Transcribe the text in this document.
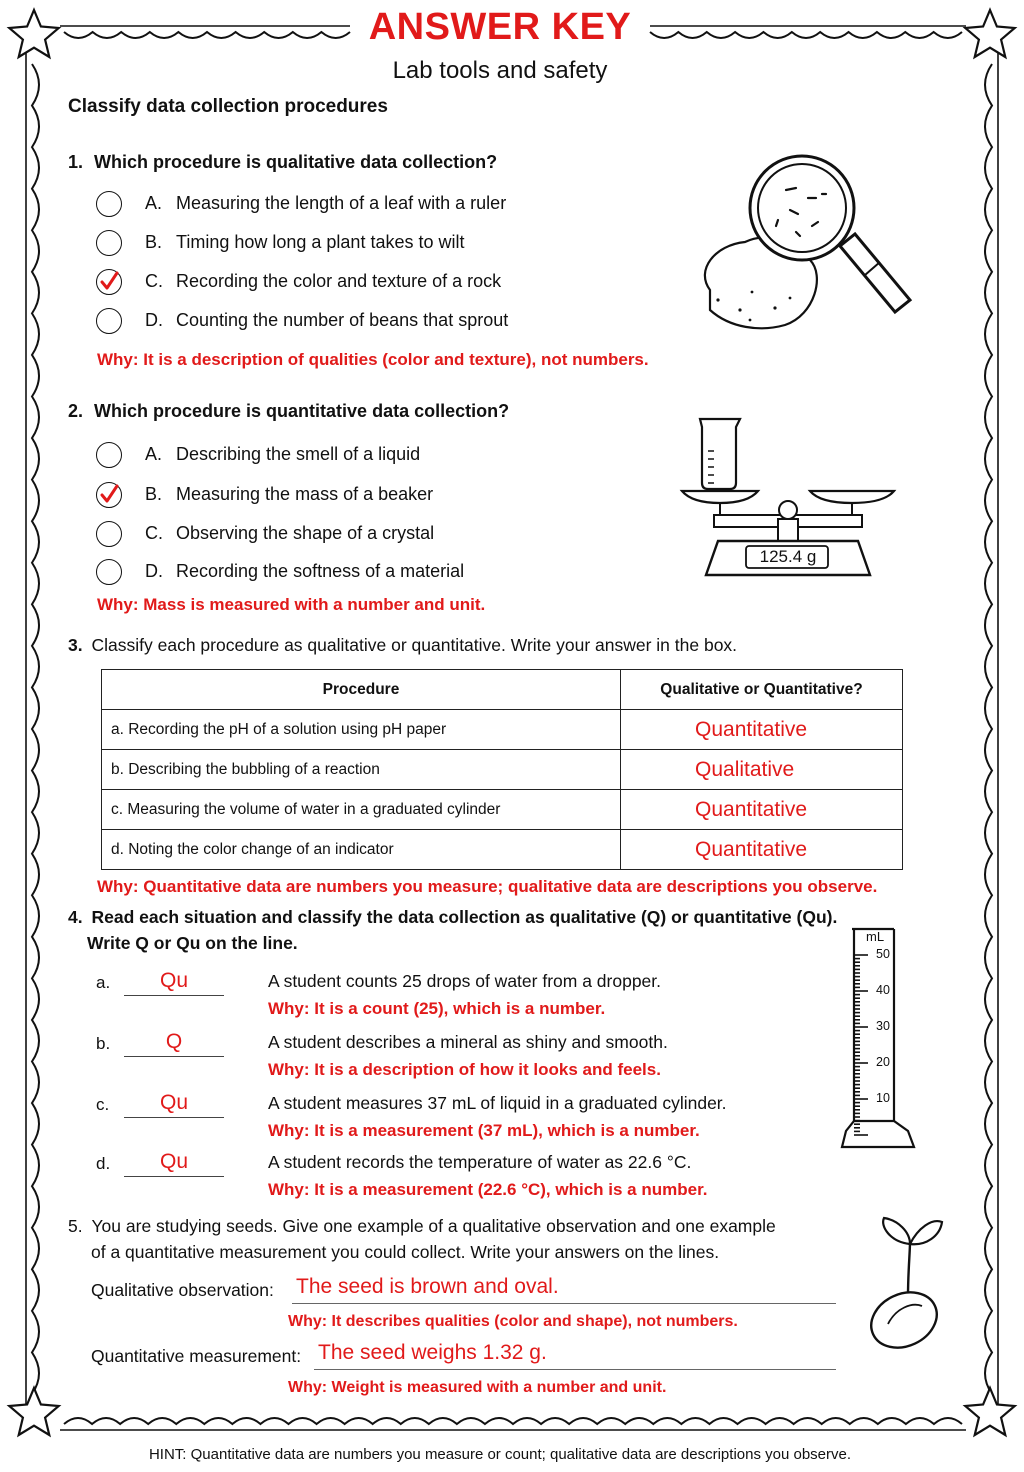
ANSWER KEY
Lab tools and safety
Classify data collection procedures
1. Which procedure is qualitative data collection?
A. Measuring the length of a leaf with a ruler
B. Timing how long a plant takes to wilt
C. Recording the color and texture of a rock
D. Counting the number of beans that sprout
Why: It is a description of qualities (color and texture), not numbers.
2. Which procedure is quantitative data collection?
A. Describing the smell of a liquid
B. Measuring the mass of a beaker
C. Observing the shape of a crystal
D. Recording the softness of a material
Why: Mass is measured with a number and unit.
125.4 g
3. Classify each procedure as qualitative or quantitative. Write your answer in the box.
Procedure	Qualitative or Quantitative?
a. Recording the pH of a solution using pH paper	Quantitative
b. Describing the bubbling of a reaction	Qualitative
c. Measuring the volume of water in a graduated cylinder	Quantitative
d. Noting the color change of an indicator	Quantitative
Why: Quantitative data are numbers you measure; qualitative data are descriptions you observe.
4. Read each situation and classify the data collection as qualitative (Q) or quantitative (Qu).
Write Q or Qu on the line.
a.	Qu	A student counts 25 drops of water from a dropper.
Why: It is a count (25), which is a number.
b.	Q	A student describes a mineral as shiny and smooth.
Why: It is a description of how it looks and feels.
c.	Qu	A student measures 37 mL of liquid in a graduated cylinder.
Why: It is a measurement (37 mL), which is a number.
d.	Qu	A student records the temperature of water as 22.6 °C.
Why: It is a measurement (22.6 °C), which is a number.
mL
50
40
30
20
10
5. You are studying seeds. Give one example of a qualitative observation and one example
of a quantitative measurement you could collect. Write your answers on the lines.
Qualitative observation: The seed is brown and oval.
Why: It describes qualities (color and shape), not numbers.
Quantitative measurement: The seed weighs 1.32 g.
Why: Weight is measured with a number and unit.
HINT: Quantitative data are numbers you measure or count; qualitative data are descriptions you observe.
